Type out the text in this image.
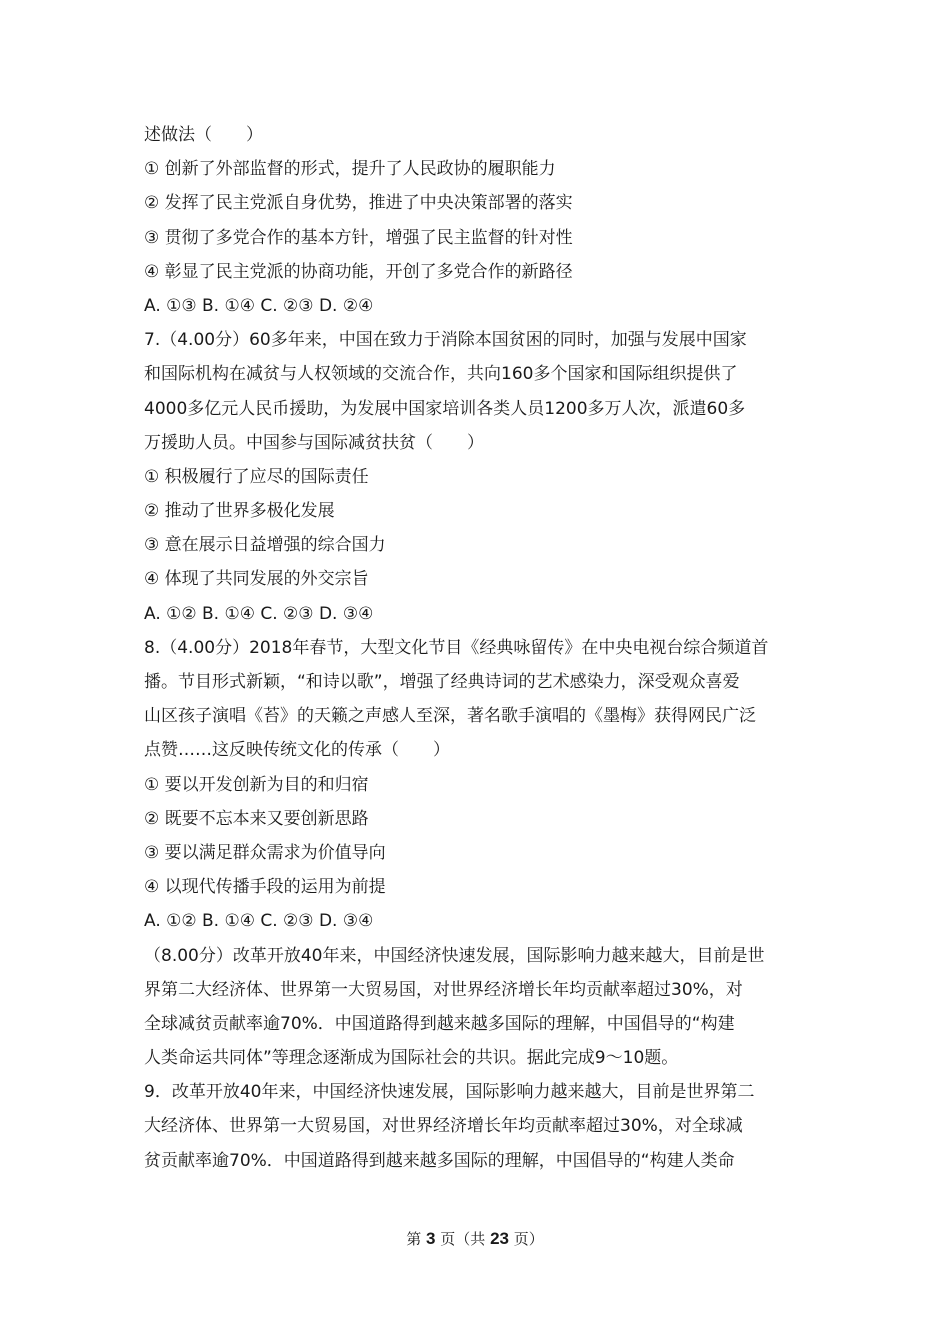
述做法（　　）
① 创新了外部监督的形式，提升了人民政协的履职能力
② 发挥了民主党派自身优势，推进了中央决策部署的落实
③ 贯彻了多党合作的基本方针，增强了民主监督的针对性
④ 彰显了民主党派的协商功能，开创了多党合作的新路径
A. ①③ B. ①④ C. ②③ D. ②④
7.（4.00分）60多年来，中国在致力于消除本国贫困的同时，加强与发展中国家
和国际机构在减贫与人权领域的交流合作，共向160多个国家和国际组织提供了
4000多亿元人民币援助，为发展中国家培训各类人员1200多万人次，派遣60多
万援助人员。中国参与国际减贫扶贫（　　）
① 积极履行了应尽的国际责任
② 推动了世界多极化发展
③ 意在展示日益增强的综合国力
④ 体现了共同发展的外交宗旨
A. ①② B. ①④ C. ②③ D. ③④
8.（4.00分）2018年春节，大型文化节目《经典咏留传》在中央电视台综合频道首
播。节目形式新颖，“和诗以歌”，增强了经典诗词的艺术感染力，深受观众喜爱
山区孩子演唱《苔》的天籁之声感人至深，著名歌手演唱的《墨梅》获得网民广泛
点赞……这反映传统文化的传承（　　）
① 要以开发创新为目的和归宿
② 既要不忘本来又要创新思路
③ 要以满足群众需求为价值导向
④ 以现代传播手段的运用为前提
A. ①② B. ①④ C. ②③ D. ③④
（8.00分）改革开放40年来，中国经济快速发展，国际影响力越来越大，目前是世
界第二大经济体、世界第一大贸易国，对世界经济增长年均贡献率超过30%，对
全球减贫贡献率逾70%．中国道路得到越来越多国际的理解，中国倡导的“构建
人类命运共同体”等理念逐渐成为国际社会的共识。据此完成9～10题。
9．改革开放40年来，中国经济快速发展，国际影响力越来越大，目前是世界第二
大经济体、世界第一大贸易国，对世界经济增长年均贡献率超过30%，对全球减
贫贡献率逾70%．中国道路得到越来越多国际的理解，中国倡导的“构建人类命
第 3 页（共 23 页）
